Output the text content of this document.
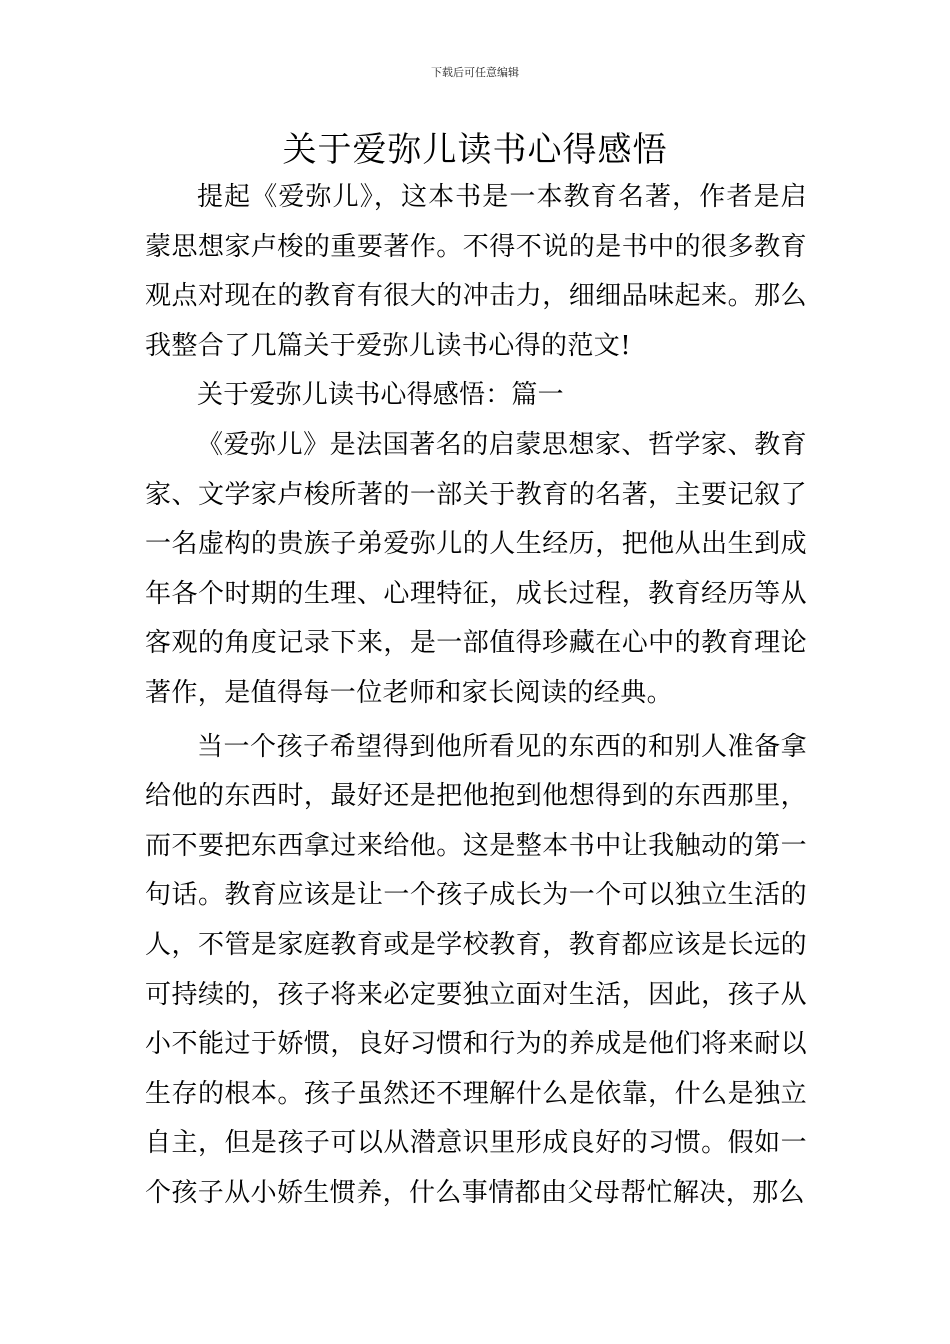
下载后可任意编辑
关于爱弥儿读书心得感悟

提起《爱弥儿》，这本书是一本教育名著，作者是启蒙思想家卢梭的重要著作。不得不说的是书中的很多教育观点对现在的教育有很大的冲击力，细细品味起来。那么我整合了几篇关于爱弥儿读书心得的范文!

关于爱弥儿读书心得感悟：篇一

《爱弥儿》是法国著名的启蒙思想家、哲学家、教育家、文学家卢梭所著的一部关于教育的名著，主要记叙了一名虚构的贵族子弟爱弥儿的人生经历，把他从出生到成年各个时期的生理、心理特征，成长过程，教育经历等从客观的角度记录下来，是一部值得珍藏在心中的教育理论著作，是值得每一位老师和家长阅读的经典。

当一个孩子希望得到他所看见的东西的和别人准备拿给他的东西时，最好还是把他抱到他想得到的东西那里，而不要把东西拿过来给他。这是整本书中让我触动的第一句话。教育应该是让一个孩子成长为一个可以独立生活的人，不管是家庭教育或是学校教育，教育都应该是长远的可持续的，孩子将来必定要独立面对生活，因此，孩子从小不能过于娇惯，良好习惯和行为的养成是他们将来耐以生存的根本。孩子虽然还不理解什么是依靠，什么是独立自主，但是孩子可以从潜意识里形成良好的习惯。假如一个孩子从小娇生惯养，什么事情都由父母帮忙解决，那么
